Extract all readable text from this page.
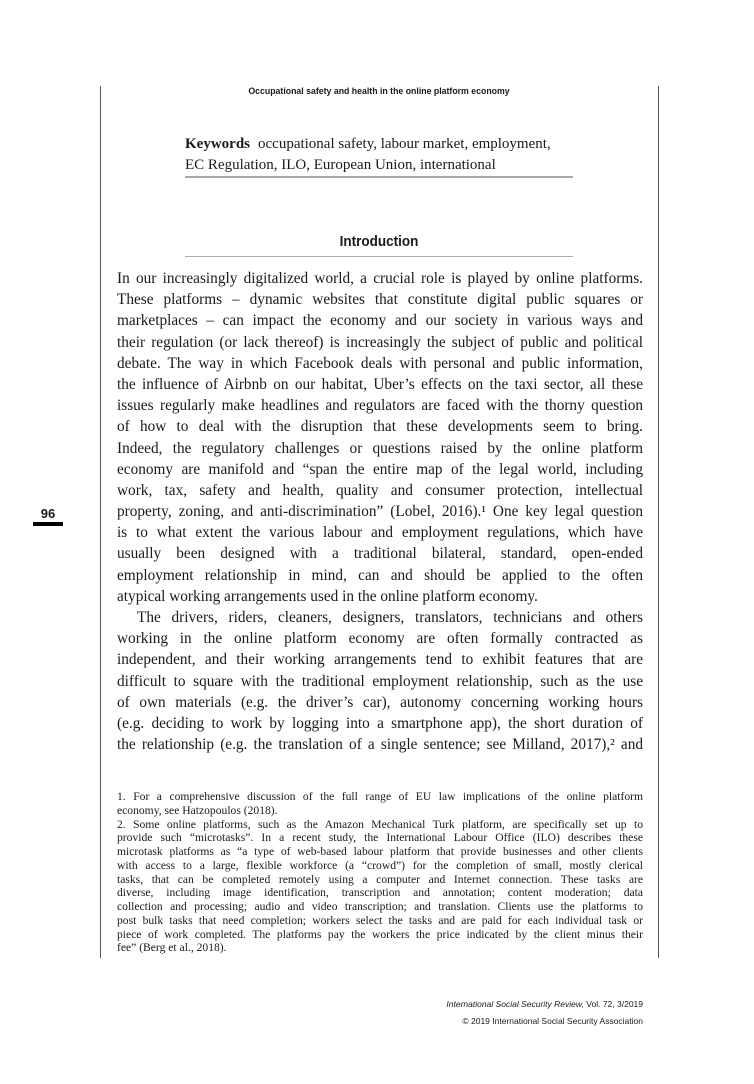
Occupational safety and health in the online platform economy
Keywords occupational safety, labour market, employment,
EC Regulation, ILO, European Union, international
Introduction
In our increasingly digitalized world, a crucial role is played by online platforms.
These platforms – dynamic websites that constitute digital public squares or
marketplaces – can impact the economy and our society in various ways and
their regulation (or lack thereof) is increasingly the subject of public and political
debate. The way in which Facebook deals with personal and public information,
the influence of Airbnb on our habitat, Uber’s effects on the taxi sector, all these
issues regularly make headlines and regulators are faced with the thorny question
of how to deal with the disruption that these developments seem to bring.
Indeed, the regulatory challenges or questions raised by the online platform
economy are manifold and “span the entire map of the legal world, including
work, tax, safety and health, quality and consumer protection, intellectual
property, zoning, and anti-discrimination” (Lobel, 2016).¹ One key legal question
is to what extent the various labour and employment regulations, which have
usually been designed with a traditional bilateral, standard, open-ended
employment relationship in mind, can and should be applied to the often
atypical working arrangements used in the online platform economy.
The drivers, riders, cleaners, designers, translators, technicians and others
working in the online platform economy are often formally contracted as
independent, and their working arrangements tend to exhibit features that are
difficult to square with the traditional employment relationship, such as the use
of own materials (e.g. the driver’s car), autonomy concerning working hours
(e.g. deciding to work by logging into a smartphone app), the short duration of
the relationship (e.g. the translation of a single sentence; see Milland, 2017),² and
96
1. For a comprehensive discussion of the full range of EU law implications of the online platform
economy, see Hatzopoulos (2018).
2. Some online platforms, such as the Amazon Mechanical Turk platform, are specifically set up to
provide such “microtasks”. In a recent study, the International Labour Office (ILO) describes these
microtask platforms as “a type of web-based labour platform that provide businesses and other clients
with access to a large, flexible workforce (a “crowd”) for the completion of small, mostly clerical
tasks, that can be completed remotely using a computer and Internet connection. These tasks are
diverse, including image identification, transcription and annotation; content moderation; data
collection and processing; audio and video transcription; and translation. Clients use the platforms to
post bulk tasks that need completion; workers select the tasks and are paid for each individual task or
piece of work completed. The platforms pay the workers the price indicated by the client minus their
fee” (Berg et al., 2018).
International Social Security Review, Vol. 72, 3/2019
© 2019 International Social Security Association
